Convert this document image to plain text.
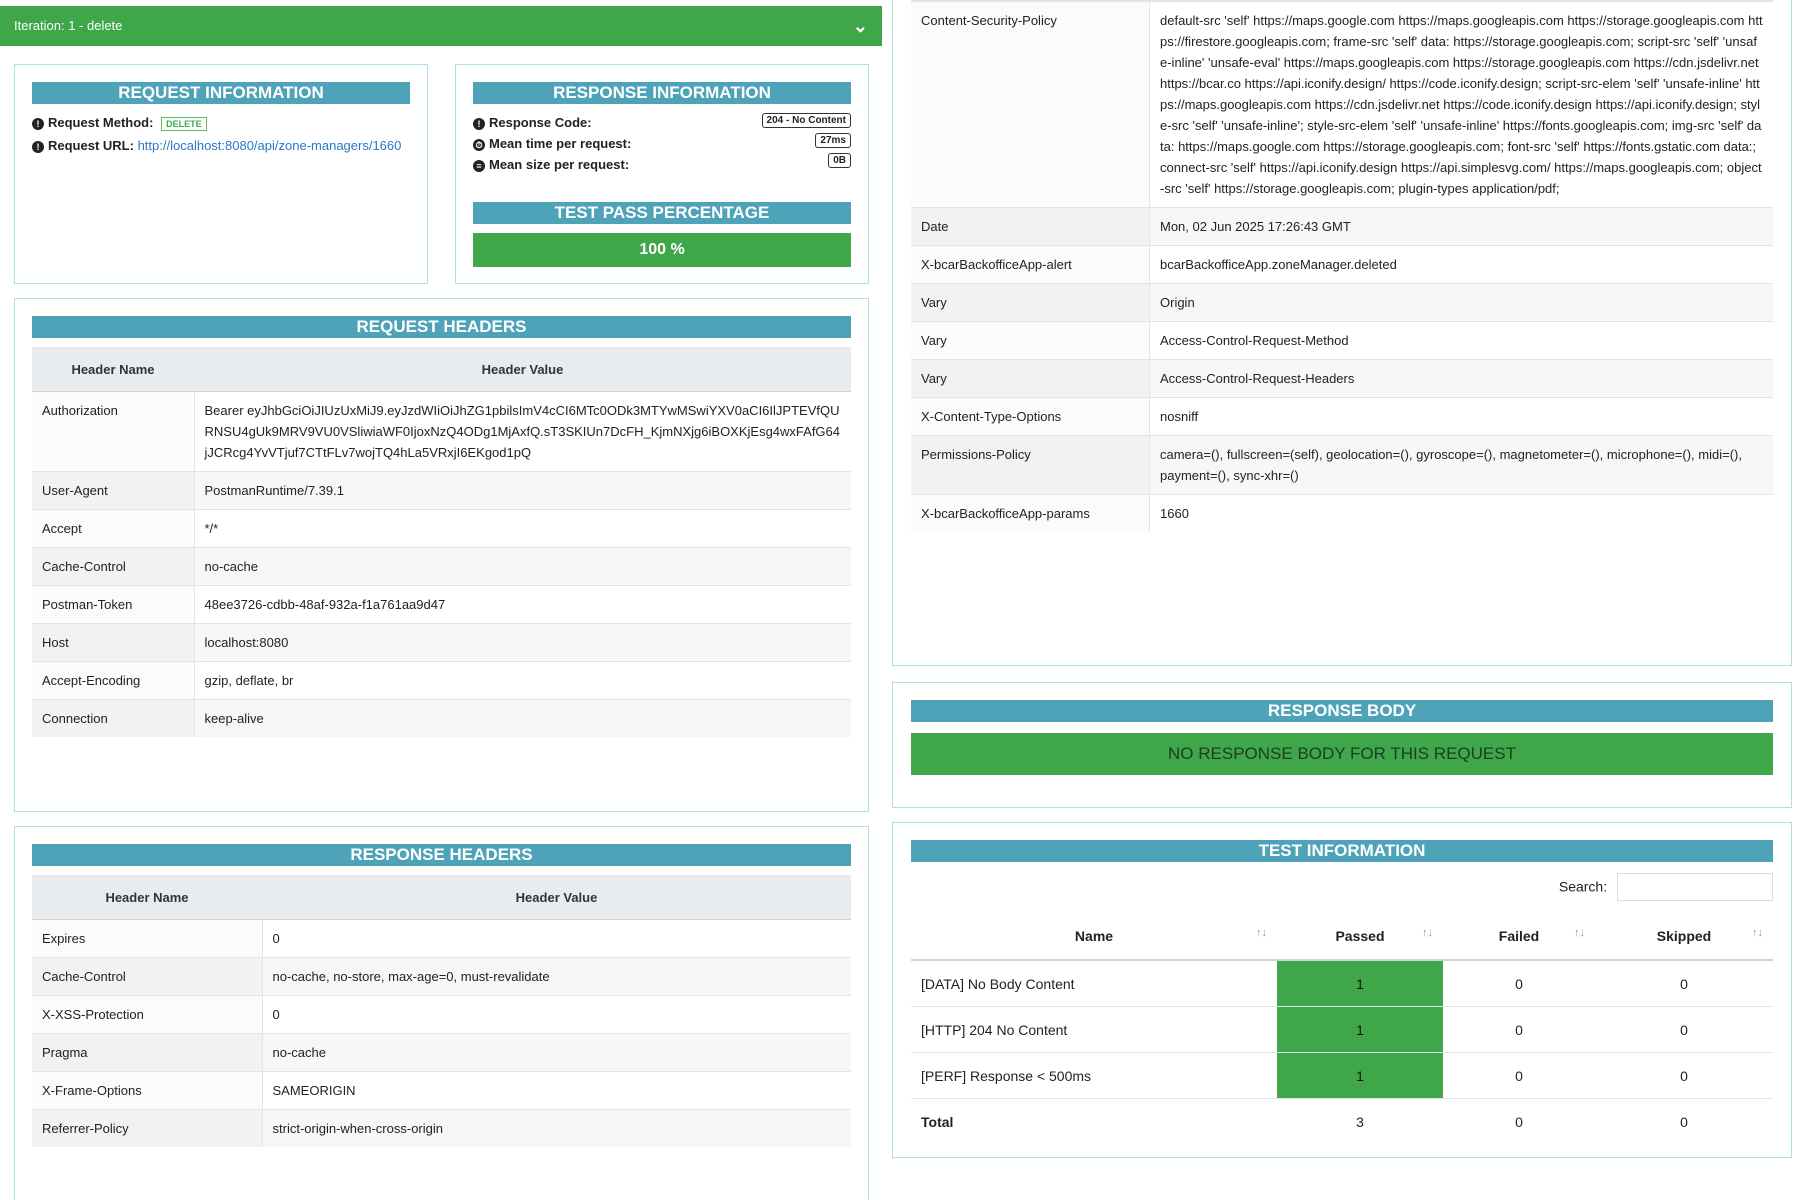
Iteration: 1 - delete	⌄
REQUEST INFORMATION
! Request Method: DELETE
! Request URL: http://localhost:8080/api/zone-managers/1660
RESPONSE INFORMATION
! Response Code:	204 - No Content
⏱ Mean time per request:	27ms
≡ Mean size per request:	0B
TEST PASS PERCENTAGE
100 %
REQUEST HEADERS
Header Name	Header Value
Authorization	Bearer eyJhbGciOiJIUzUxMiJ9.eyJzdWIiOiJhZG1pbilsImV4cCI6MTc0ODk3MTYwMSwiYXV0aCI6IlJPTEVfQURNSU4gUk9MRV9VU0VSliwiaWF0IjoxNzQ4ODg1MjAxfQ.sT3SKIUn7DcFH_KjmNXjg6iBOXKjEsg4wxFAfG64jJCRcg4YvVTjuf7CTtFLv7wojTQ4hLa5VRxjI6EKgod1pQ
User-Agent	PostmanRuntime/7.39.1
Accept	*/*
Cache-Control	no-cache
Postman-Token	48ee3726-cdbb-48af-932a-f1a761aa9d47
Host	localhost:8080
Accept-Encoding	gzip, deflate, br
Connection	keep-alive
RESPONSE HEADERS
Header Name	Header Value
Expires	0
Cache-Control	no-cache, no-store, max-age=0, must-revalidate
X-XSS-Protection	0
Pragma	no-cache
X-Frame-Options	SAMEORIGIN
Referrer-Policy	strict-origin-when-cross-origin
Content-Security-Policy	default-src 'self' https://maps.google.com https://maps.googleapis.com https://storage.googleapis.com https://firestore.googleapis.com; frame-src 'self' data: https://storage.googleapis.com; script-src 'self' 'unsafe-inline' 'unsafe-eval' https://maps.googleapis.com https://storage.googleapis.com https://cdn.jsdelivr.net https://bcar.co https://api.iconify.design/ https://code.iconify.design; script-src-elem 'self' 'unsafe-inline' https://maps.googleapis.com https://cdn.jsdelivr.net https://code.iconify.design https://api.iconify.design; style-src 'self' 'unsafe-inline'; style-src-elem 'self' 'unsafe-inline' https://fonts.googleapis.com; img-src 'self' data: https://maps.google.com https://storage.googleapis.com; font-src 'self' https://fonts.gstatic.com data:; connect-src 'self' https://api.iconify.design https://api.simplesvg.com/ https://maps.googleapis.com; object-src 'self' https://storage.googleapis.com; plugin-types application/pdf;
Date	Mon, 02 Jun 2025 17:26:43 GMT
X-bcarBackofficeApp-alert	bcarBackofficeApp.zoneManager.deleted
Vary	Origin
Vary	Access-Control-Request-Method
Vary	Access-Control-Request-Headers
X-Content-Type-Options	nosniff
Permissions-Policy	camera=(), fullscreen=(self), geolocation=(), gyroscope=(), magnetometer=(), microphone=(), midi=(), payment=(), sync-xhr=()
X-bcarBackofficeApp-params	1660
RESPONSE BODY
NO RESPONSE BODY FOR THIS REQUEST
TEST INFORMATION
Search:
Name ↑↓	Passed ↑↓	Failed ↑↓	Skipped ↑↓

[DATA] No Body Content	1	0	0
[HTTP] 204 No Content	1	0	0
[PERF] Response < 500ms	1	0	0
Total	3	0	0
